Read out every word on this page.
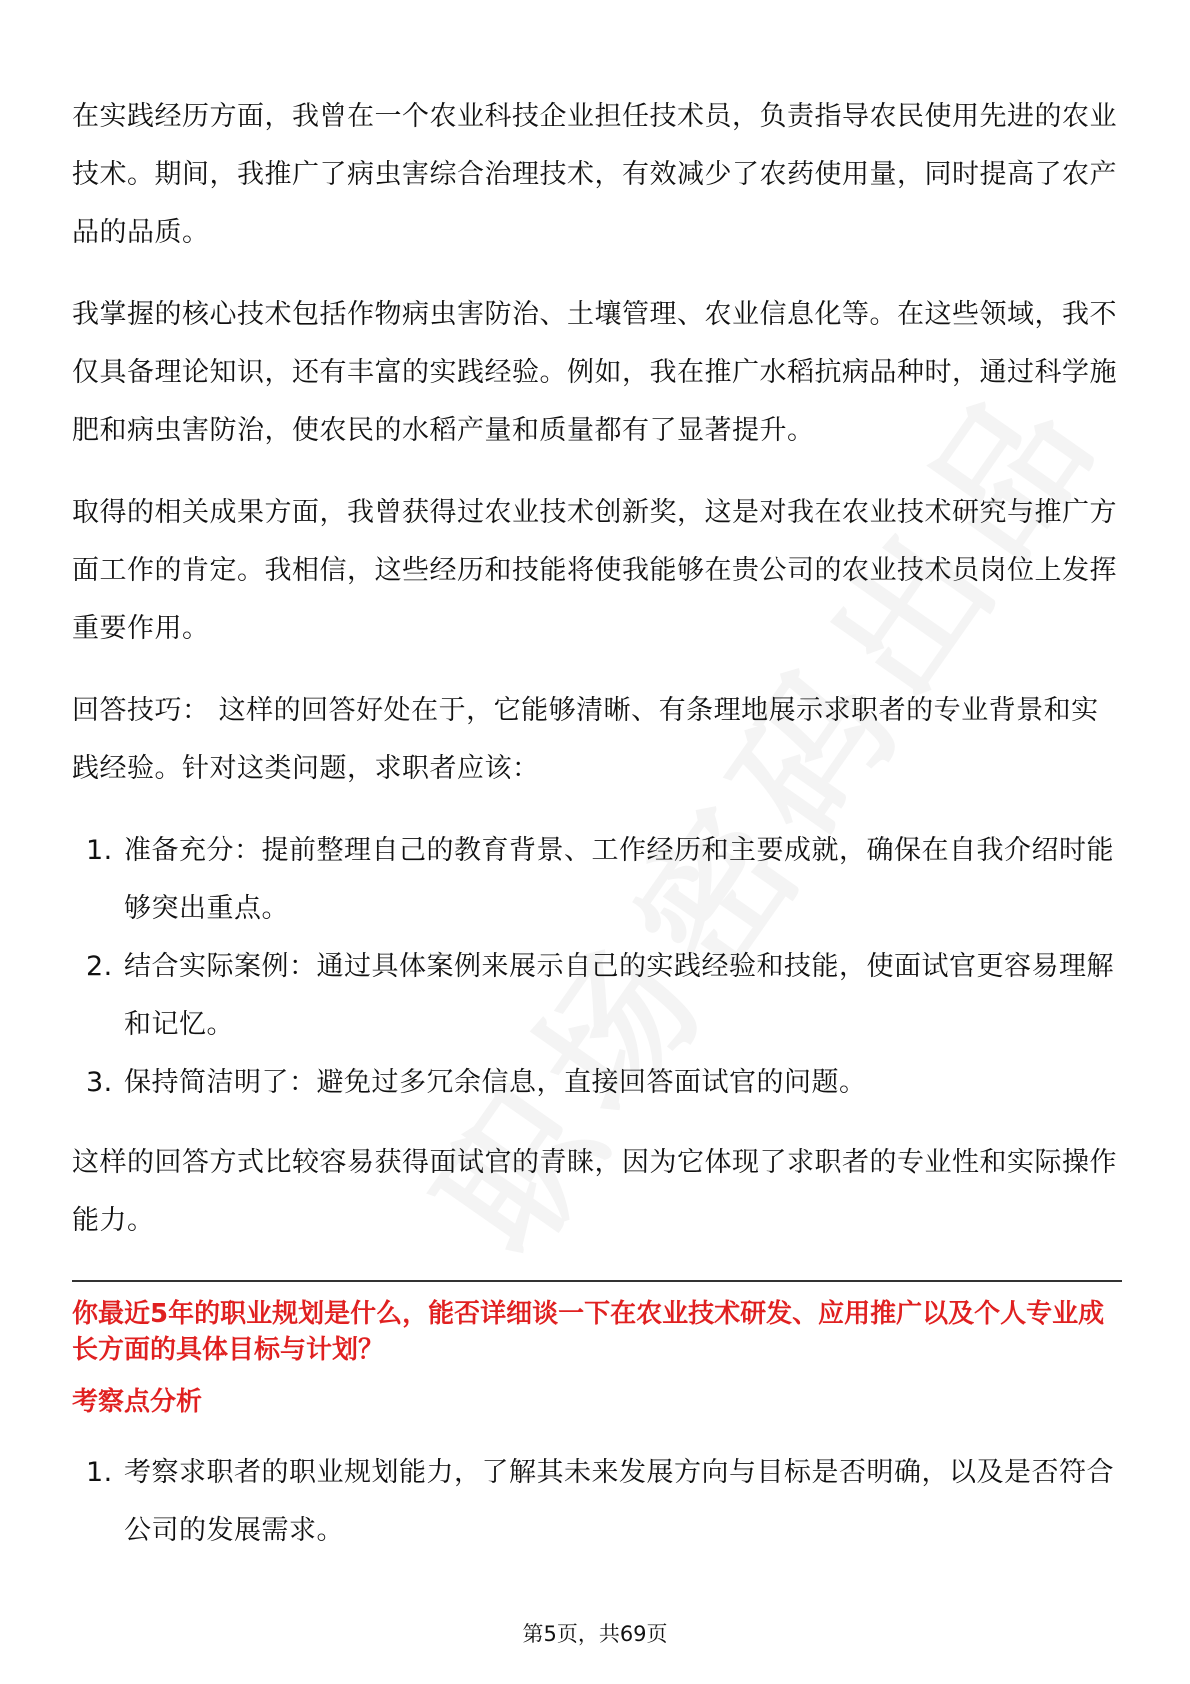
在实践经历方面，我曾在一个农业科技企业担任技术员，负责指导农民使用先进的农业技术。期间，我推广了病虫害综合治理技术，有效减少了农药使用量，同时提高了农产品的品质。

我掌握的核心技术包括作物病虫害防治、土壤管理、农业信息化等。在这些领域，我不仅具备理论知识，还有丰富的实践经验。例如，我在推广水稻抗病品种时，通过科学施肥和病虫害防治，使农民的水稻产量和质量都有了显著提升。

取得的相关成果方面，我曾获得过农业技术创新奖，这是对我在农业技术研究与推广方面工作的肯定。我相信，这些经历和技能将使我能够在贵公司的农业技术员岗位上发挥重要作用。

回答技巧： 这样的回答好处在于，它能够清晰、有条理地展示求职者的专业背景和实践经验。针对这类问题，求职者应该：

1. 准备充分：提前整理自己的教育背景、工作经历和主要成就，确保在自我介绍时能够突出重点。
2. 结合实际案例：通过具体案例来展示自己的实践经验和技能，使面试官更容易理解和记忆。
3. 保持简洁明了：避免过多冗余信息，直接回答面试官的问题。

这样的回答方式比较容易获得面试官的青睐，因为它体现了求职者的专业性和实际操作能力。

你最近5年的职业规划是什么，能否详细谈一下在农业技术研发、应用推广以及个人专业成长方面的具体目标与计划？
考察点分析
1. 考察求职者的职业规划能力，了解其未来发展方向与目标是否明确，以及是否符合公司的发展需求。
第5页，共69页
